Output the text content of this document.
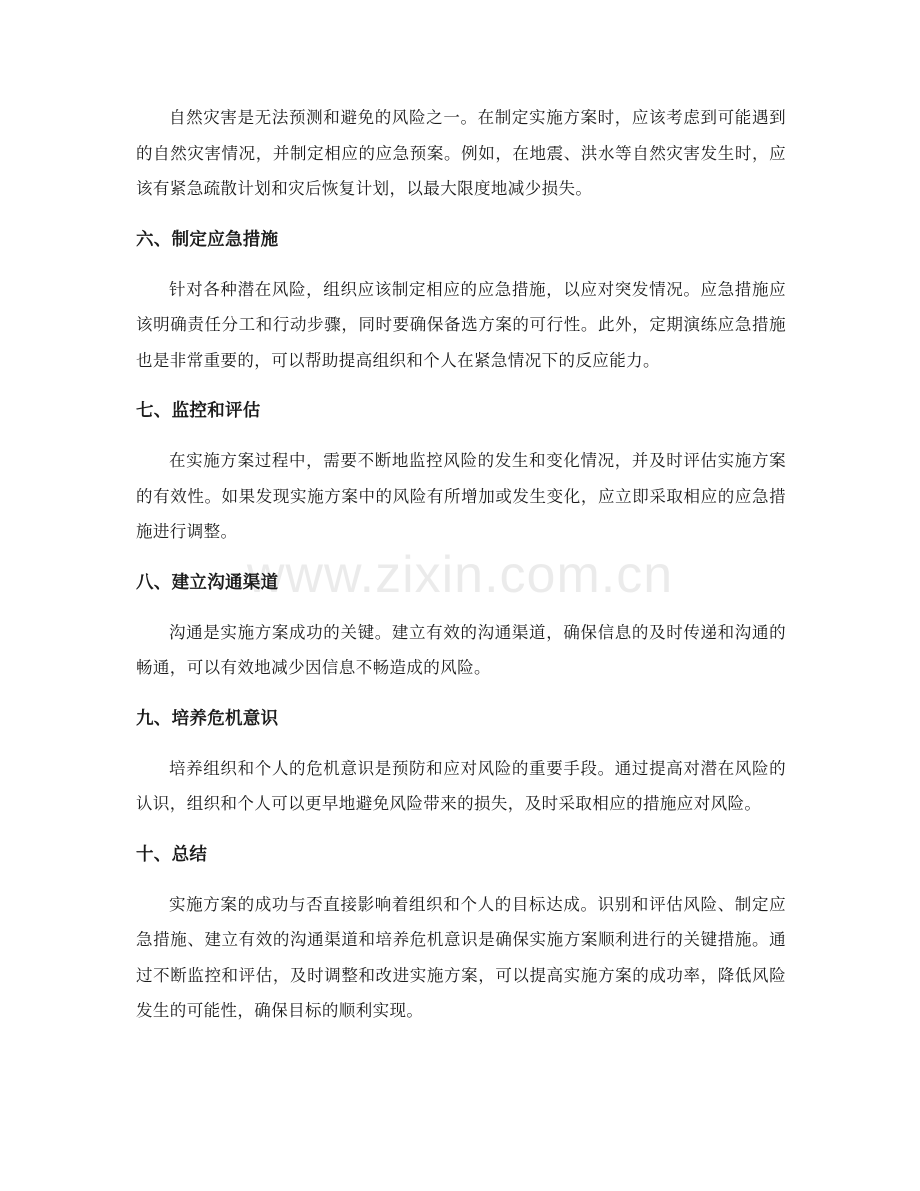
自然灾害是无法预测和避免的风险之一。在制定实施方案时，应该考虑到可能遇到的自然灾害情况，并制定相应的应急预案。例如，在地震、洪水等自然灾害发生时，应该有紧急疏散计划和灾后恢复计划，以最大限度地减少损失。

六、制定应急措施

针对各种潜在风险，组织应该制定相应的应急措施，以应对突发情况。应急措施应该明确责任分工和行动步骤，同时要确保备选方案的可行性。此外，定期演练应急措施也是非常重要的，可以帮助提高组织和个人在紧急情况下的反应能力。

七、监控和评估

在实施方案过程中，需要不断地监控风险的发生和变化情况，并及时评估实施方案的有效性。如果发现实施方案中的风险有所增加或发生变化，应立即采取相应的应急措施进行调整。

八、建立沟通渠道

沟通是实施方案成功的关键。建立有效的沟通渠道，确保信息的及时传递和沟通的畅通，可以有效地减少因信息不畅造成的风险。

九、培养危机意识

培养组织和个人的危机意识是预防和应对风险的重要手段。通过提高对潜在风险的认识，组织和个人可以更早地避免风险带来的损失，及时采取相应的措施应对风险。

十、总结

实施方案的成功与否直接影响着组织和个人的目标达成。识别和评估风险、制定应急措施、建立有效的沟通渠道和培养危机意识是确保实施方案顺利进行的关键措施。通过不断监控和评估，及时调整和改进实施方案，可以提高实施方案的成功率，降低风险发生的可能性，确保目标的顺利实现。

www.zixin.com.cn
